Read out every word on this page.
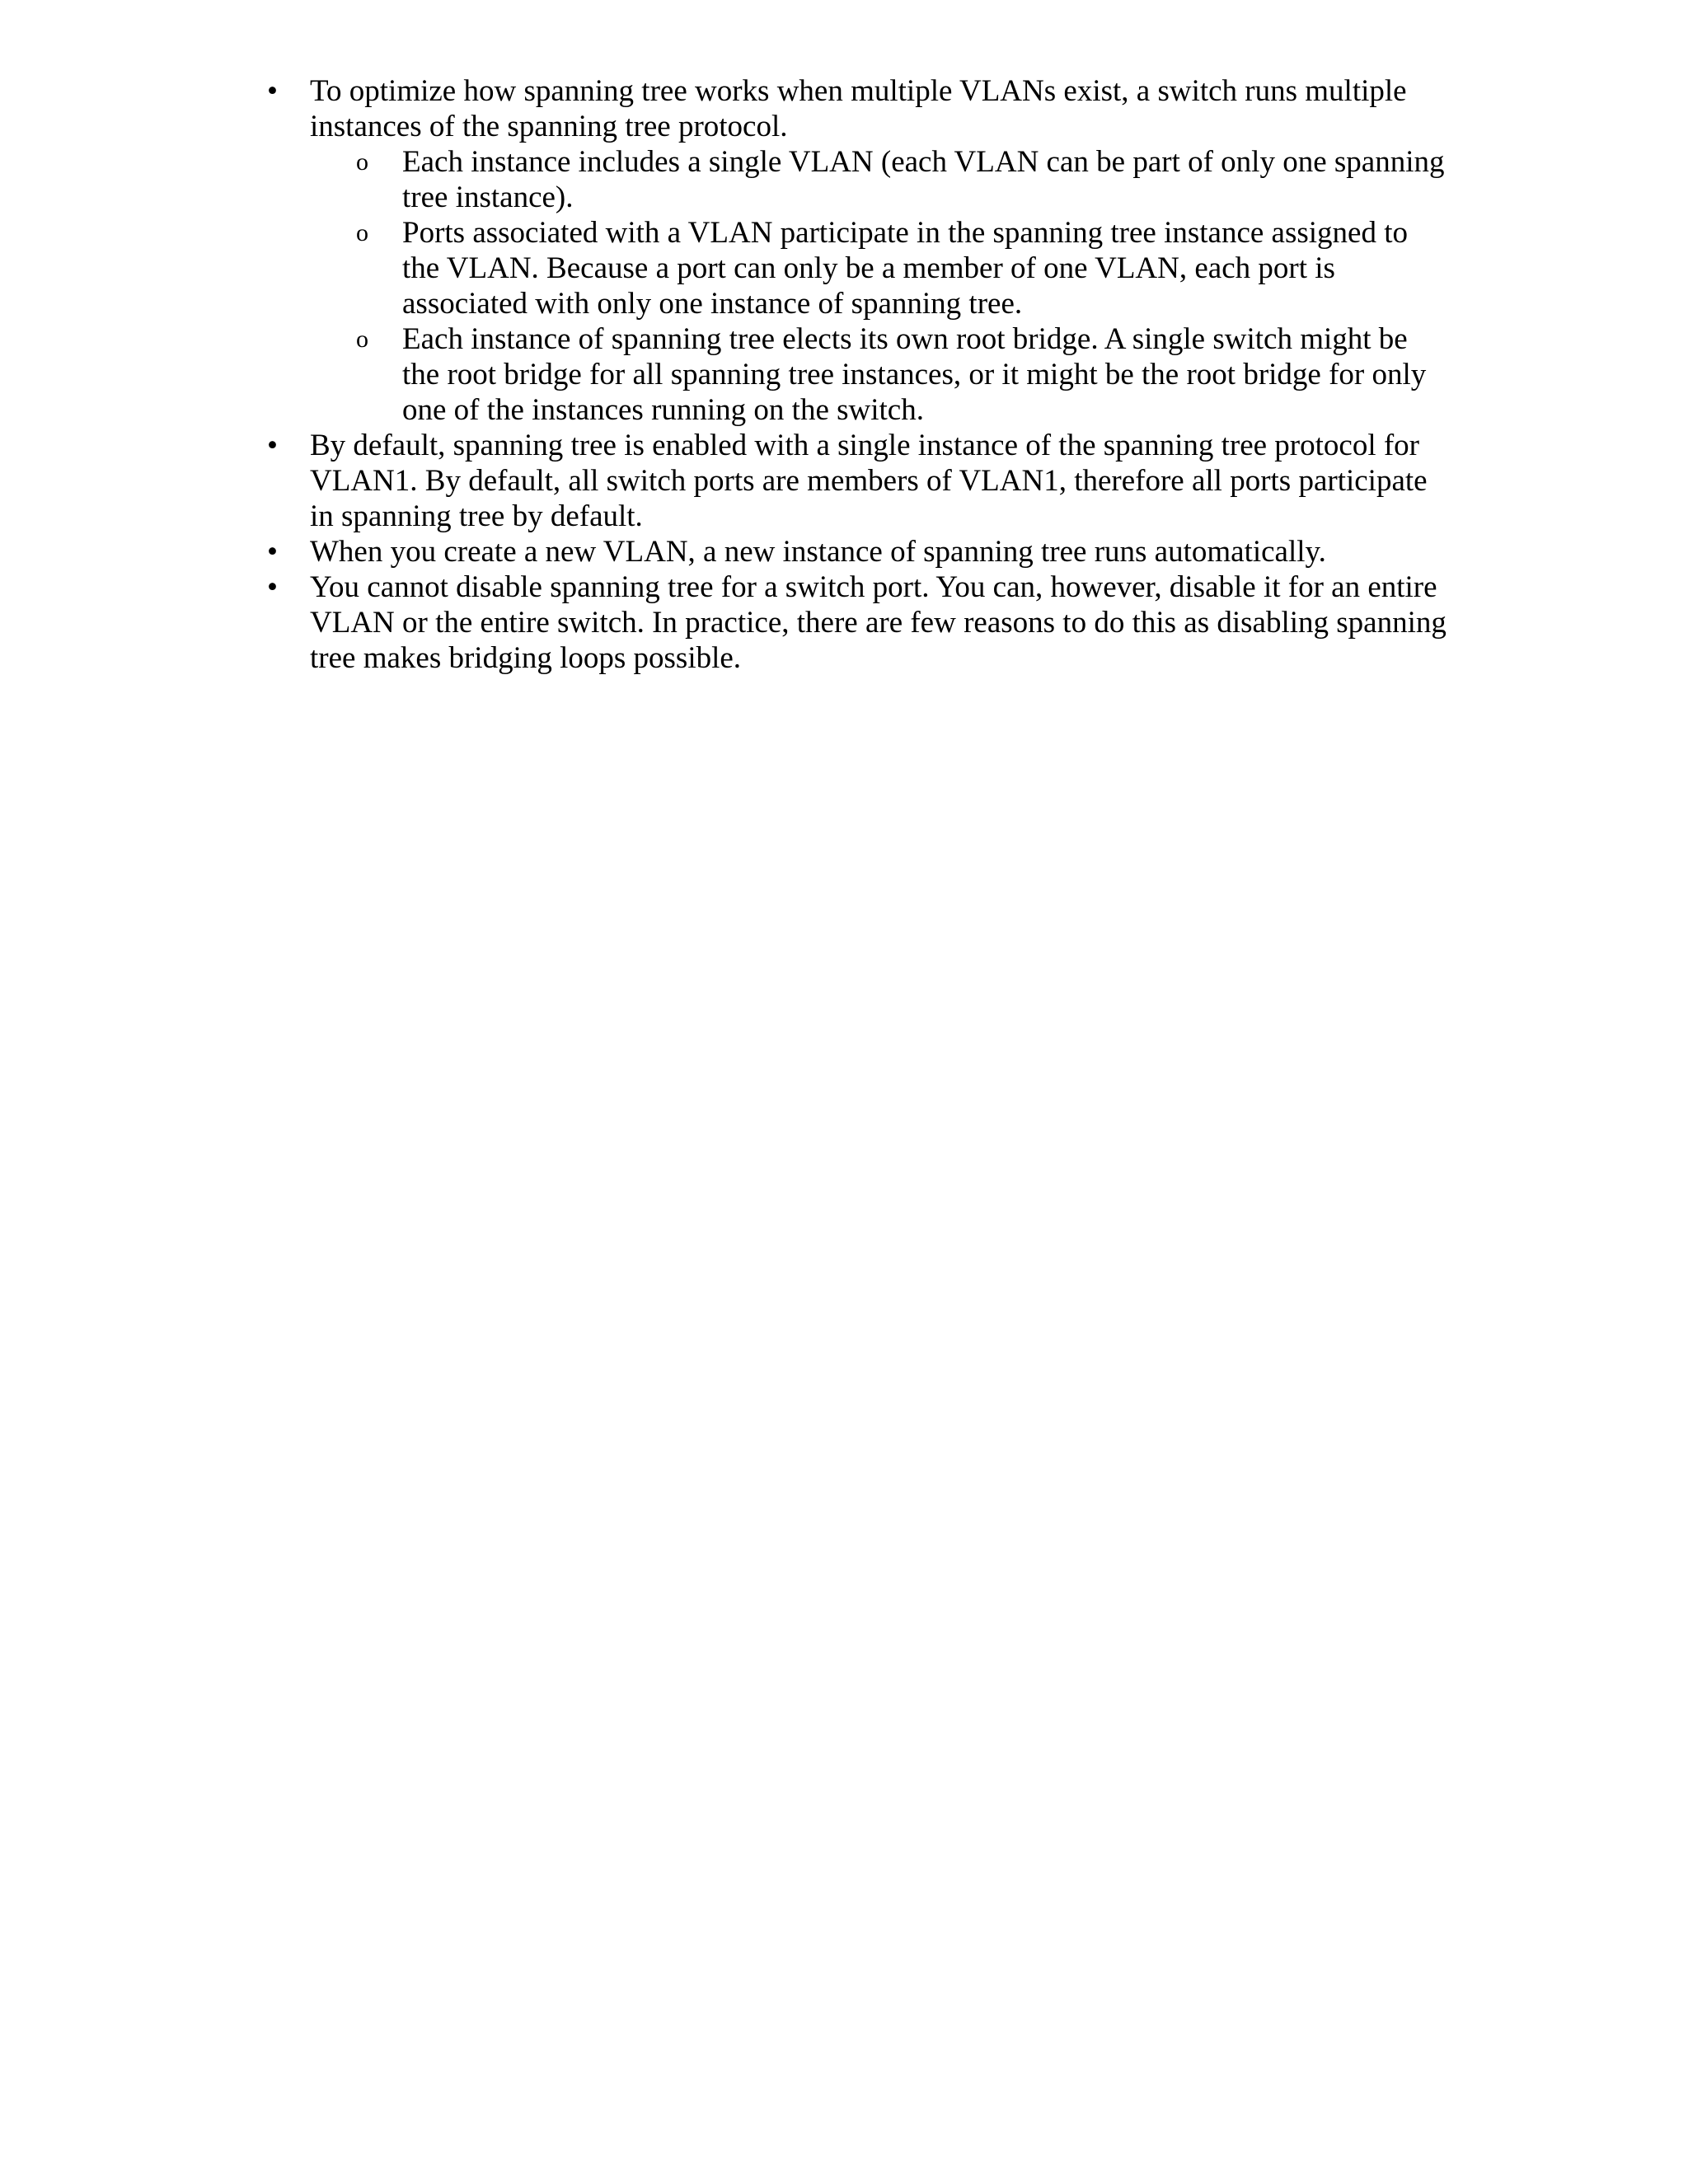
•	To optimize how spanning tree works when multiple VLANs exist, a switch runs multiple instances of the spanning tree protocol.
o Each instance includes a single VLAN (each VLAN can be part of only one spanning tree instance).
o Ports associated with a VLAN participate in the spanning tree instance assigned to the VLAN. Because a port can only be a member of one VLAN, each port is associated with only one instance of spanning tree.
o Each instance of spanning tree elects its own root bridge. A single switch might be the root bridge for all spanning tree instances, or it might be the root bridge for only one of the instances running on the switch.
•	By default, spanning tree is enabled with a single instance of the spanning tree protocol for VLAN1. By default, all switch ports are members of VLAN1, therefore all ports participate in spanning tree by default.
•	When you create a new VLAN, a new instance of spanning tree runs automatically.
•	You cannot disable spanning tree for a switch port. You can, however, disable it for an entire VLAN or the entire switch. In practice, there are few reasons to do this as disabling spanning tree makes bridging loops possible.
